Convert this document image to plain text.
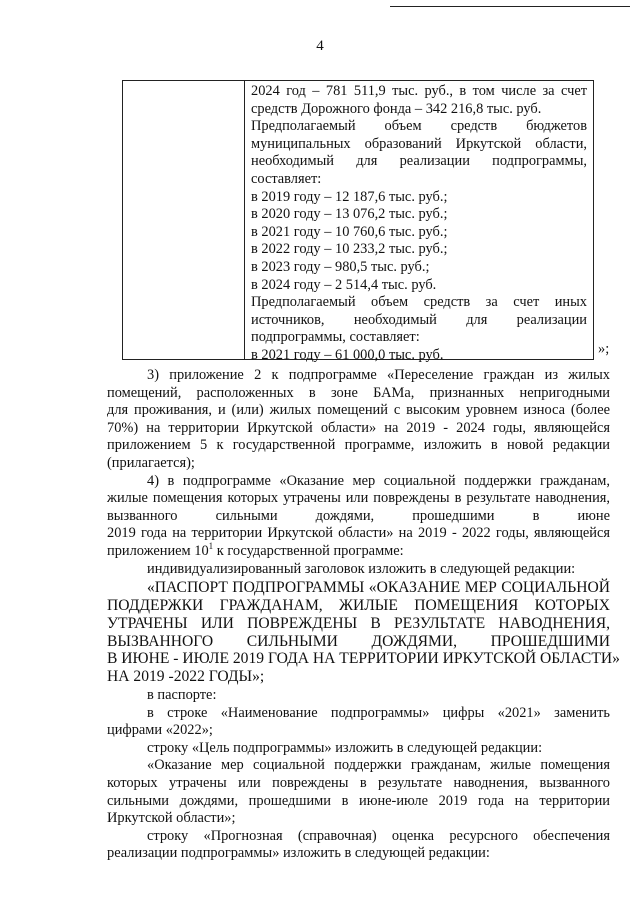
4
2024 год – 781 511,9 тыс. руб., в том числе за счет
средств Дорожного фонда – 342 216,8 тыс. руб.
Предполагаемый объем средств бюджетов
муниципальных образований Иркутской области,
необходимый для реализации подпрограммы,
составляет:
в 2019 году – 12 187,6 тыс. руб.;
в 2020 году – 13 076,2 тыс. руб.;
в 2021 году – 10 760,6 тыс. руб.;
в 2022 году – 10 233,2 тыс. руб.;
в 2023 году – 980,5 тыс. руб.;
в 2024 году – 2 514,4 тыс. руб.
Предполагаемый объем средств за счет иных
источников, необходимый для реализации
подпрограммы, составляет:
в 2021 году – 61 000,0 тыс. руб.	»;
3) приложение 2 к подпрограмме «Переселение граждан из жилых
помещений, расположенных в зоне БАМа, признанных непригодными
для проживания, и (или) жилых помещений с высоким уровнем износа (более
70%) на территории Иркутской области» на 2019 - 2024 годы, являющейся
приложением 5 к государственной программе, изложить в новой редакции
(прилагается);
4) в подпрограмме «Оказание мер социальной поддержки гражданам,
жилые помещения которых утрачены или повреждены в результате наводнения,
вызванного сильными дождями, прошедшими в июне
2019 года на территории Иркутской области» на 2019 - 2022 годы, являющейся
приложением $10^1$ к государственной программе:
индивидуализированный заголовок изложить в следующей редакции:
«ПАСПОРТ ПОДПРОГРАММЫ «ОКАЗАНИЕ МЕР СОЦИАЛЬНОЙ
ПОДДЕРЖКИ ГРАЖДАНАМ, ЖИЛЫЕ ПОМЕЩЕНИЯ КОТОРЫХ
УТРАЧЕНЫ ИЛИ ПОВРЕЖДЕНЫ В РЕЗУЛЬТАТЕ НАВОДНЕНИЯ,
ВЫЗВАННОГО СИЛЬНЫМИ ДОЖДЯМИ, ПРОШЕДШИМИ
В ИЮНЕ - ИЮЛЕ 2019 ГОДА НА ТЕРРИТОРИИ ИРКУТСКОЙ ОБЛАСТИ»
НА 2019 -2022 ГОДЫ»;
в паспорте:
в строке «Наименование подпрограммы» цифры «2021» заменить
цифрами «2022»;
строку «Цель подпрограммы» изложить в следующей редакции:
«Оказание мер социальной поддержки гражданам, жилые помещения
которых утрачены или повреждены в результате наводнения, вызванного
сильными дождями, прошедшими в июне-июле 2019 года на территории
Иркутской области»;
строку «Прогнозная (справочная) оценка ресурсного обеспечения
реализации подпрограммы» изложить в следующей редакции:
